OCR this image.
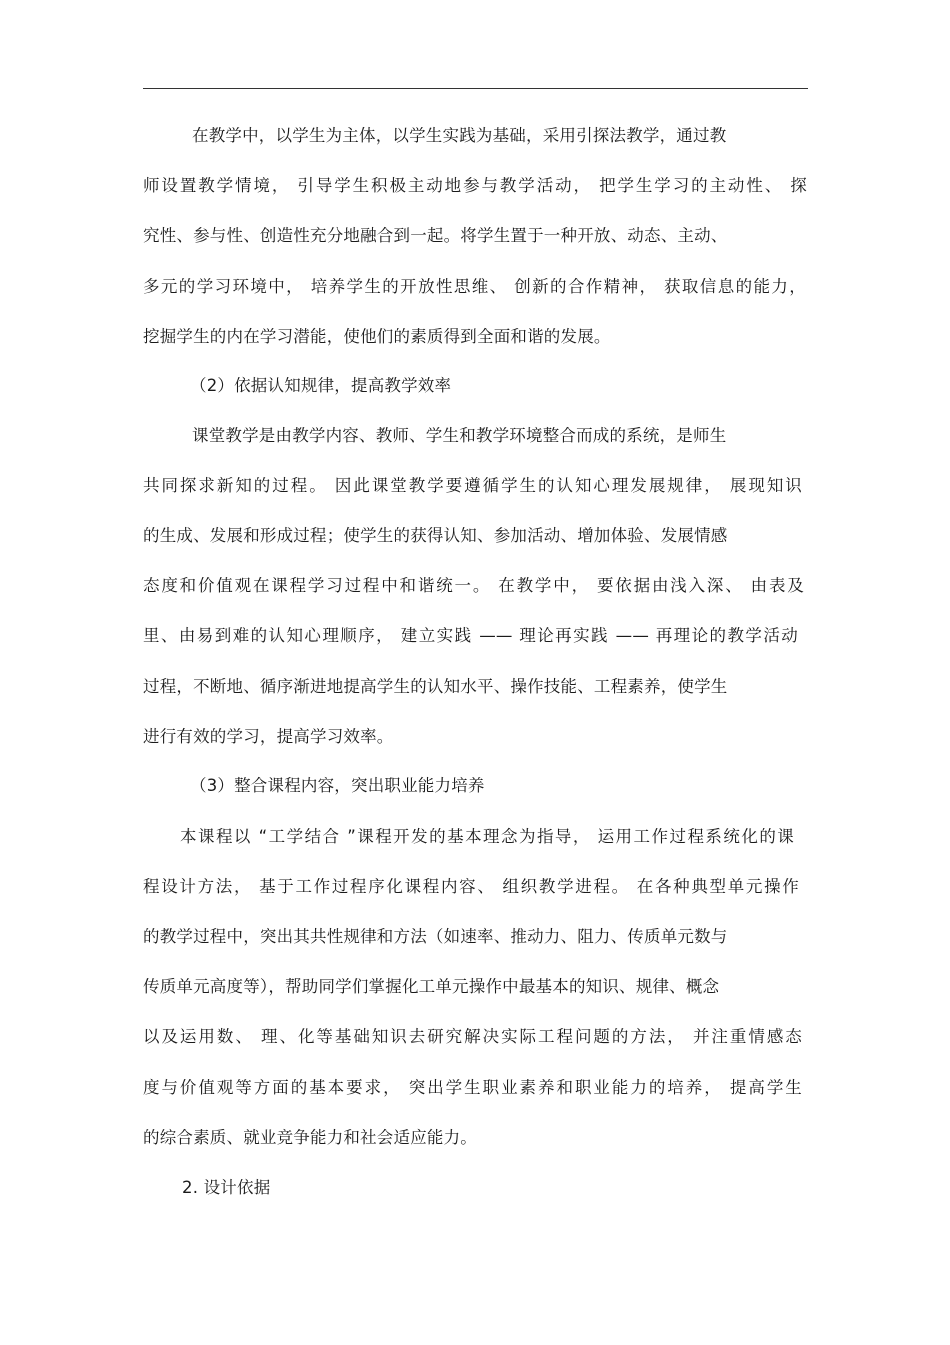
在教学中，以学生为主体，以学生实践为基础，采用引探法教学，通过教
师设置教学情境， 引导学生积极主动地参与教学活动， 把学生学习的主动性、 探
究性、参与性、创造性充分地融合到一起。将学生置于一种开放、动态、主动、
多元的学习环境中， 培养学生的开放性思维、 创新的合作精神， 获取信息的能力，
挖掘学生的内在学习潜能，使他们的素质得到全面和谐的发展。
（2）依据认知规律，提高教学效率
课堂教学是由教学内容、教师、学生和教学环境整合而成的系统，是师生
共同探求新知的过程。 因此课堂教学要遵循学生的认知心理发展规律， 展现知识
的生成、发展和形成过程；使学生的获得认知、参加活动、增加体验、发展情感
态度和价值观在课程学习过程中和谐统一。 在教学中， 要依据由浅入深、 由表及
里、由易到难的认知心理顺序， 建立实践 —— 理论再实践 —— 再理论的教学活动
过程，不断地、循序渐进地提高学生的认知水平、操作技能、工程素养，使学生
进行有效的学习，提高学习效率。
（3）整合课程内容，突出职业能力培养
本课程以 “工学结合 ”课程开发的基本理念为指导， 运用工作过程系统化的课
程设计方法， 基于工作过程序化课程内容、 组织教学进程。 在各种典型单元操作
的教学过程中，突出其共性规律和方法（如速率、推动力、阻力、传质单元数与
传质单元高度等），帮助同学们掌握化工单元操作中最基本的知识、规律、概念
以及运用数、 理、化等基础知识去研究解决实际工程问题的方法， 并注重情感态
度与价值观等方面的基本要求， 突出学生职业素养和职业能力的培养， 提高学生
的综合素质、就业竞争能力和社会适应能力。
2. 设计依据
